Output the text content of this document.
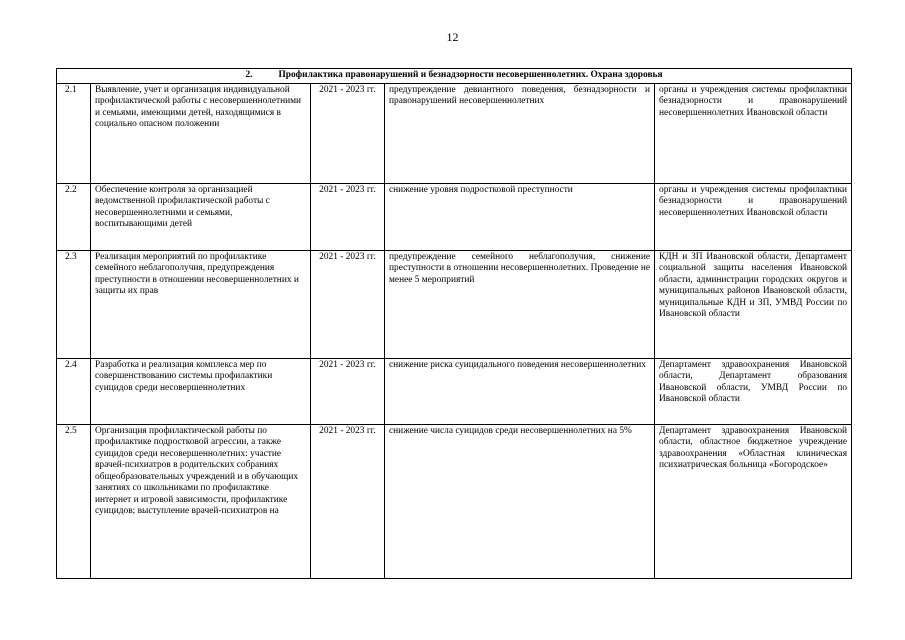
12
2. Профилактика правонарушений и безнадзорности несовершеннолетних. Охрана здоровья				
2.1	Выявление, учет и организация индивидуальной профилактической работы с несовершеннолетними и семьями, имеющими детей, находящимися в социально опасном положении	2021 - 2023 гг.	предупреждение девиантного поведения, безнадзорности и правонарушений несовершеннолетних	органы и учреждения системы профилактики безнадзорности и правонарушений несовершеннолетних Ивановской области
2.2	Обеспечение контроля за организацией ведомственной профилактической работы с несовершеннолетними и семьями, воспитывающими детей	2021 - 2023 гг.	снижение уровня подростковой преступности	органы и учреждения системы профилактики безнадзорности и правонарушений несовершеннолетних Ивановской области
2.3	Реализация мероприятий по профилактике семейного неблагополучия, предупреждения преступности в отношении несовершеннолетних и защиты их прав	2021 - 2023 гг.	предупреждение семейного неблагополучия, снижение преступности в отношении несовершеннолетних. Проведение не менее 5 мероприятий	КДН и ЗП Ивановской области, Департамент социальной защиты населения Ивановской области, администрации городских округов и муниципальных районов Ивановской области, муниципальные КДН и ЗП, УМВД России по Ивановской области
2.4	Разработка и реализация комплекса мер по совершенствованию системы профилактики суицидов среди несовершеннолетних	2021 - 2023 гг.	снижение риска суицидального поведения несовершеннолетних	Департамент здравоохранения Ивановской области, Департамент образования Ивановской области, УМВД России по Ивановской области
2.5	Организация профилактической работы по профилактике подростковой агрессии, а также суицидов среди несовершеннолетних: участие врачей-психиатров в родительских собраниях общеобразовательных учреждений и в обучающих занятиях со школьниками по профилактике интернет и игровой зависимости, профилактике суицидов; выступление врачей-психиатров на	2021 - 2023 гг.	снижение числа суицидов среди несовершеннолетних на 5%	Департамент здравоохранения Ивановской области, областное бюджетное учреждение здравоохранения «Областная клиническая психиатрическая больница «Богородское»
